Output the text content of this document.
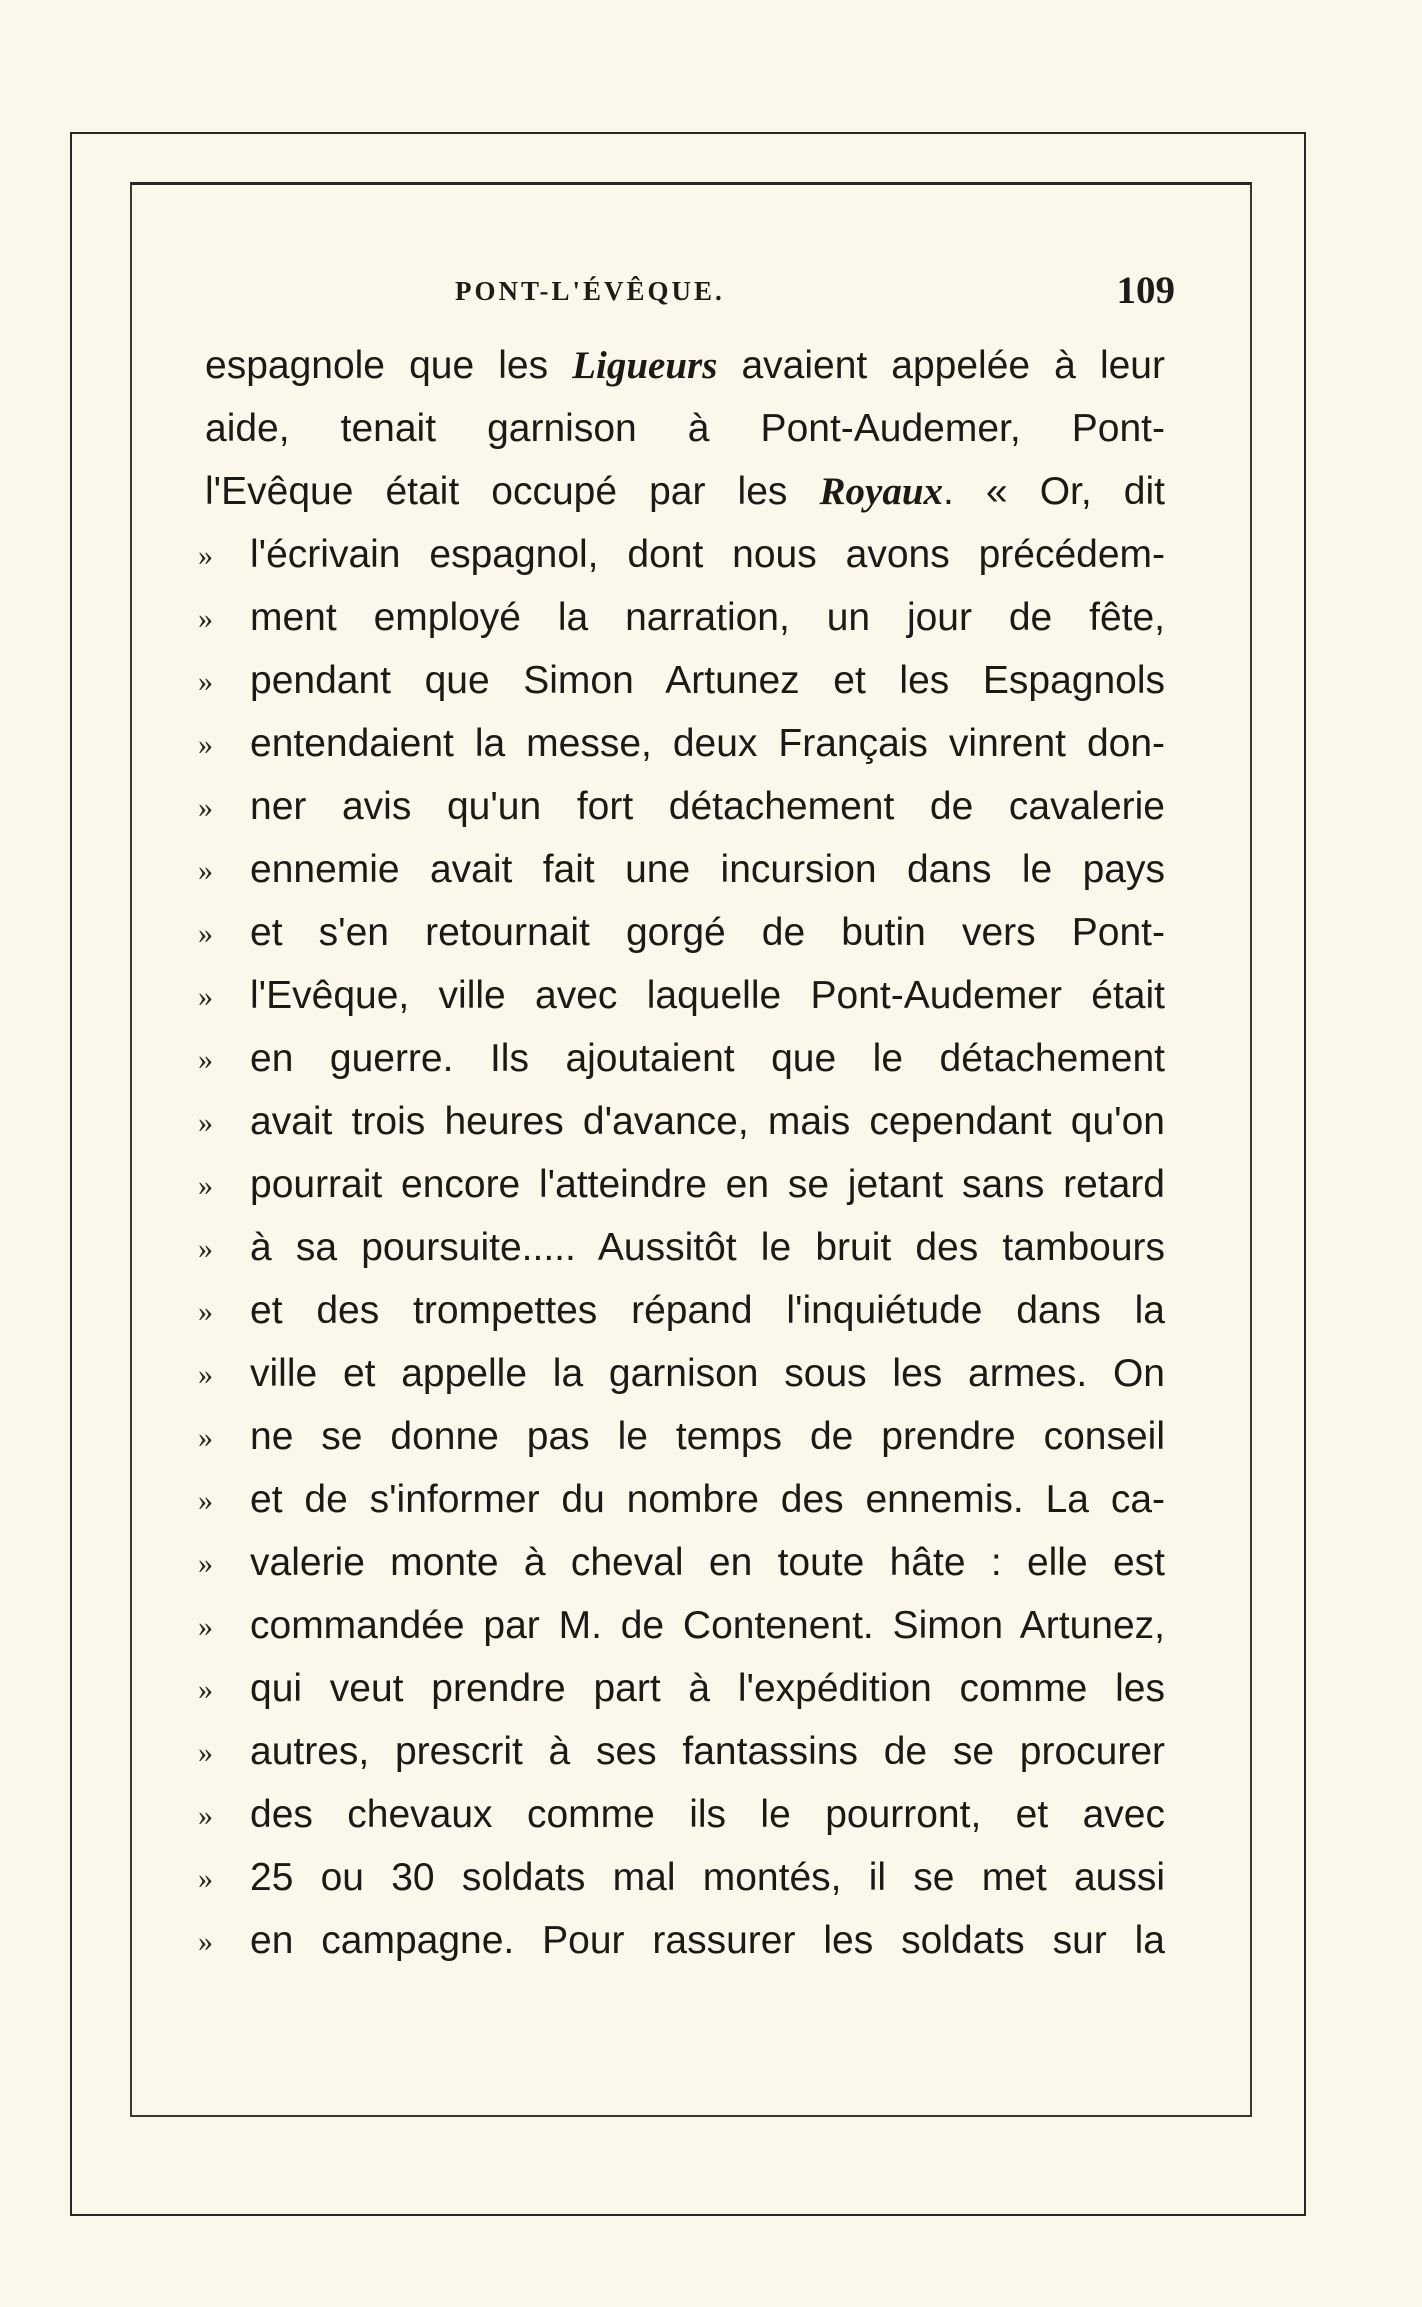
PONT-L'ÉVÊQUE.	109
espagnole que les Ligueurs avaient appelée à leur
aide, tenait garnison à Pont-Audemer, Pont-
l'Evêque était occupé par les Royaux. « Or, dit
» l'écrivain espagnol, dont nous avons précédem-
» ment employé la narration, un jour de fête,
» pendant que Simon Artunez et les Espagnols
» entendaient la messe, deux Français vinrent don-
» ner avis qu'un fort détachement de cavalerie
» ennemie avait fait une incursion dans le pays
» et s'en retournait gorgé de butin vers Pont-
» l'Evêque, ville avec laquelle Pont-Audemer était
» en guerre. Ils ajoutaient que le détachement
» avait trois heures d'avance, mais cependant qu'on
» pourrait encore l'atteindre en se jetant sans retard
» à sa poursuite..... Aussitôt le bruit des tambours
» et des trompettes répand l'inquiétude dans la
» ville et appelle la garnison sous les armes. On
» ne se donne pas le temps de prendre conseil
» et de s'informer du nombre des ennemis. La ca-
» valerie monte à cheval en toute hâte : elle est
» commandée par M. de Contenent. Simon Artunez,
» qui veut prendre part à l'expédition comme les
» autres, prescrit à ses fantassins de se procurer
» des chevaux comme ils le pourront, et avec
» 25 ou 30 soldats mal montés, il se met aussi
» en campagne. Pour rassurer les soldats sur la
